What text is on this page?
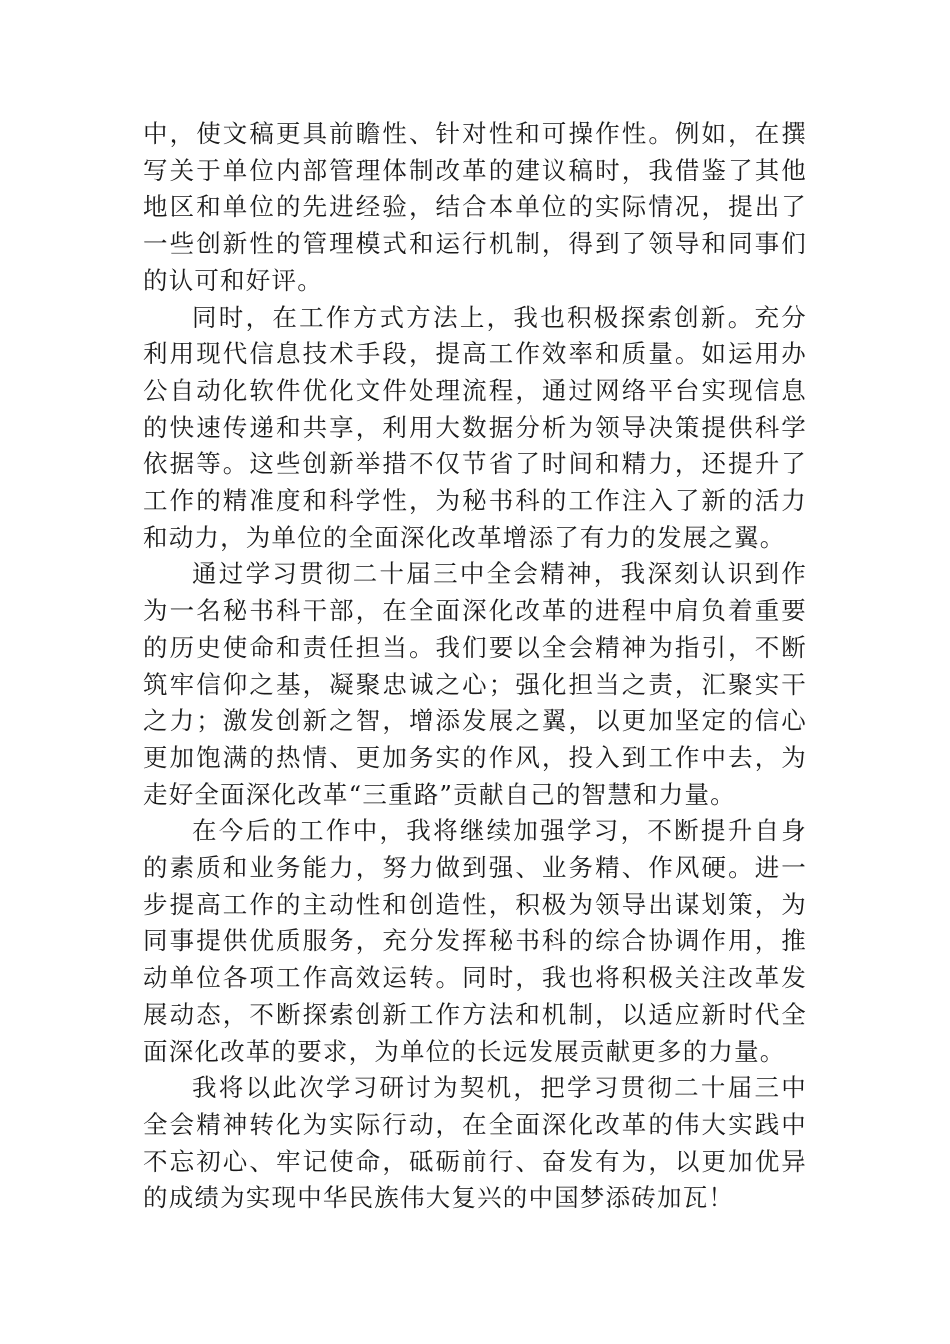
中，使文稿更具前瞻性、针对性和可操作性。例如，在撰写关于单位内部管理体制改革的建议稿时，我借鉴了其他地区和单位的先进经验，结合本单位的实际情况，提出了一些创新性的管理模式和运行机制，得到了领导和同事们的认可和好评。

同时，在工作方式方法上，我也积极探索创新。充分利用现代信息技术手段，提高工作效率和质量。如运用办公自动化软件优化文件处理流程，通过网络平台实现信息的快速传递和共享，利用大数据分析为领导决策提供科学依据等。这些创新举措不仅节省了时间和精力，还提升了工作的精准度和科学性，为秘书科的工作注入了新的活力和动力，为单位的全面深化改革增添了有力的发展之翼。

通过学习贯彻二十届三中全会精神，我深刻认识到作为一名秘书科干部，在全面深化改革的进程中肩负着重要的历史使命和责任担当。我们要以全会精神为指引，不断筑牢信仰之基，凝聚忠诚之心；强化担当之责，汇聚实干之力；激发创新之智，增添发展之翼，以更加坚定的信心更加饱满的热情、更加务实的作风，投入到工作中去，为走好全面深化改革“三重路”贡献自己的智慧和力量。

在今后的工作中，我将继续加强学习，不断提升自身的素质和业务能力，努力做到强、业务精、作风硬。进一步提高工作的主动性和创造性，积极为领导出谋划策，为同事提供优质服务，充分发挥秘书科的综合协调作用，推动单位各项工作高效运转。同时，我也将积极关注改革发展动态，不断探索创新工作方法和机制，以适应新时代全面深化改革的要求，为单位的长远发展贡献更多的力量。

我将以此次学习研讨为契机，把学习贯彻二十届三中全会精神转化为实际行动，在全面深化改革的伟大实践中不忘初心、牢记使命，砥砺前行、奋发有为，以更加优异的成绩为实现中华民族伟大复兴的中国梦添砖加瓦！
